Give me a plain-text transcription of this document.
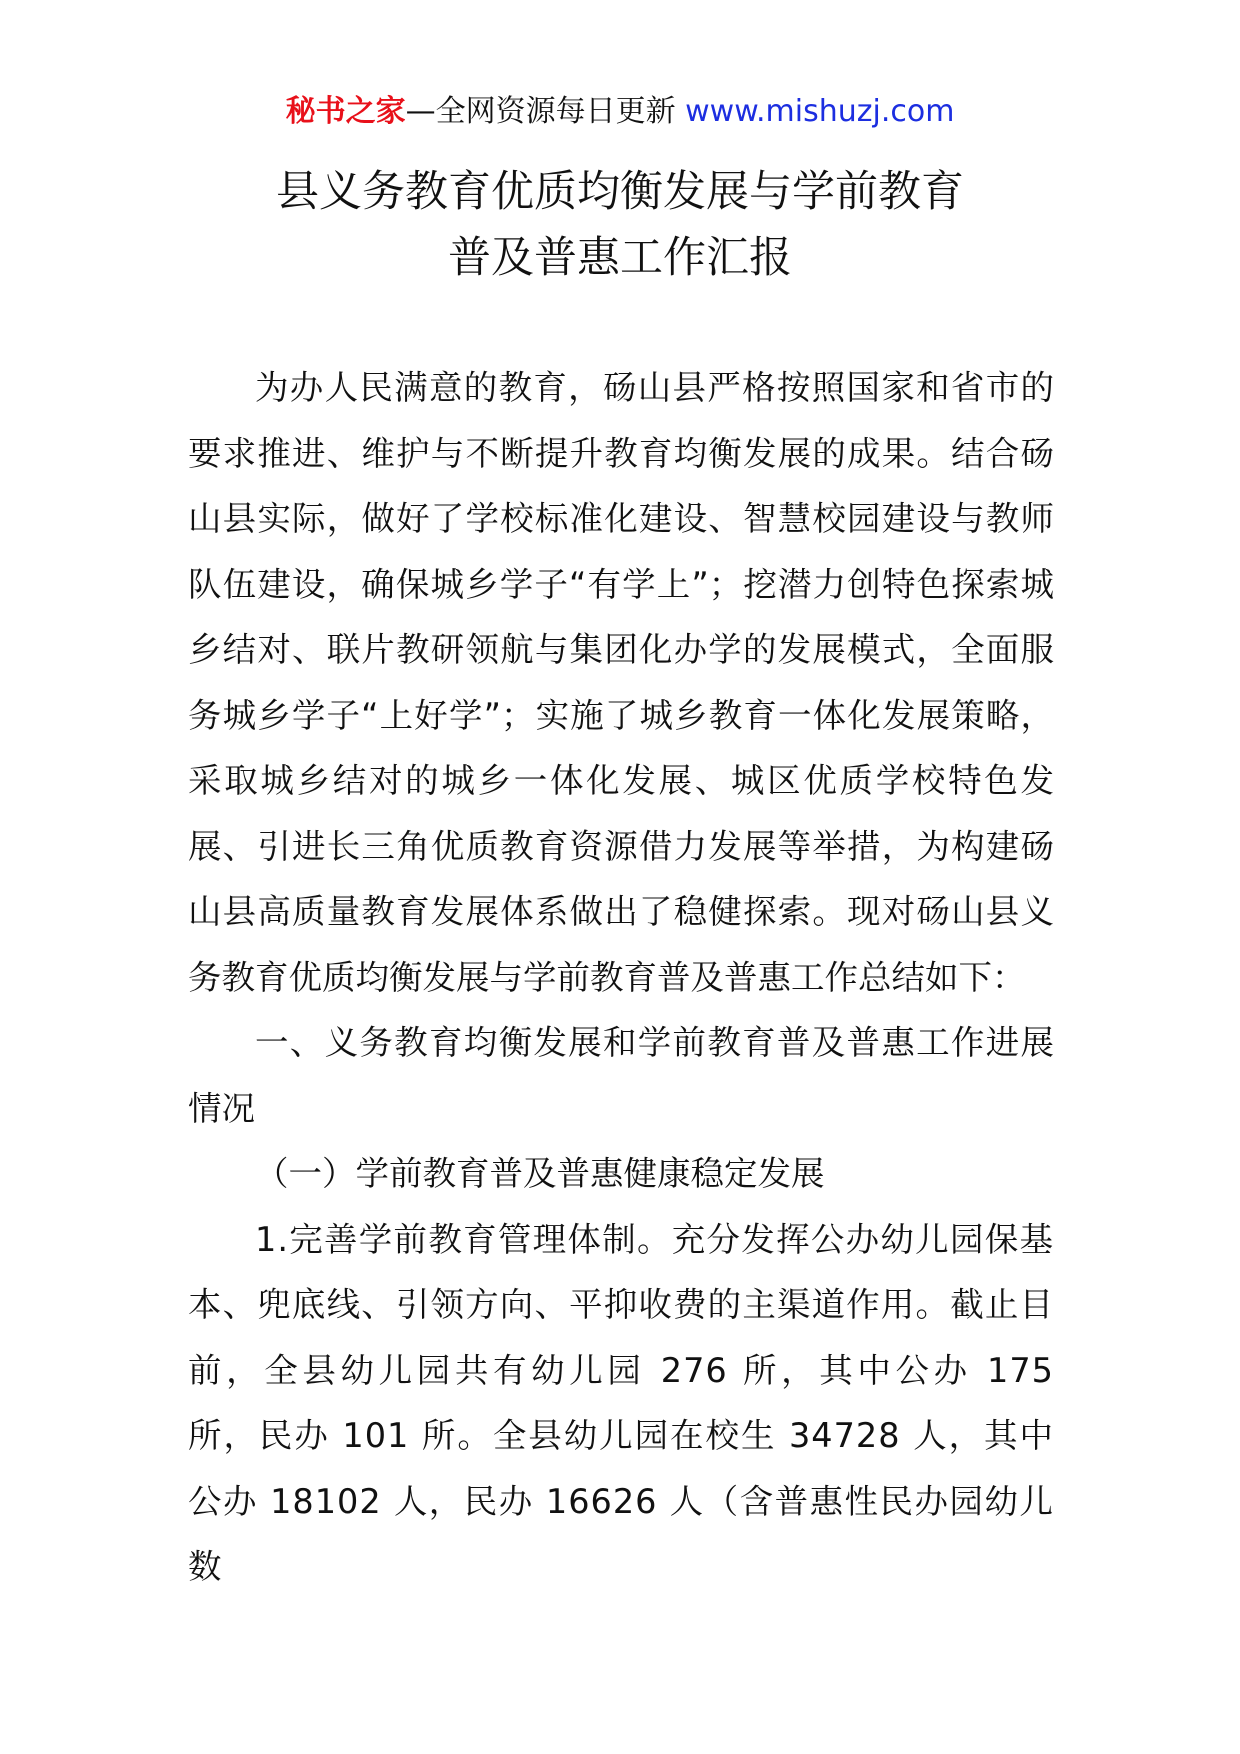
秘书之家—全网资源每日更新 www.mishuzj.com
县义务教育优质均衡发展与学前教育
普及普惠工作汇报

为办人民满意的教育，砀山县严格按照国家和省市的要求推进、维护与不断提升教育均衡发展的成果。结合砀山县实际，做好了学校标准化建设、智慧校园建设与教师队伍建设，确保城乡学子“有学上”；挖潜力创特色探索城乡结对、联片教研领航与集团化办学的发展模式，全面服务城乡学子“上好学”；实施了城乡教育一体化发展策略，采取城乡结对的城乡一体化发展、城区优质学校特色发展、引进长三角优质教育资源借力发展等举措，为构建砀山县高质量教育发展体系做出了稳健探索。现对砀山县义务教育优质均衡发展与学前教育普及普惠工作总结如下：

一、义务教育均衡发展和学前教育普及普惠工作进展情况

（一）学前教育普及普惠健康稳定发展

1.完善学前教育管理体制。充分发挥公办幼儿园保基本、兜底线、引领方向、平抑收费的主渠道作用。截止目前，全县幼儿园共有幼儿园 276 所，其中公办 175 所，民办 101 所。全县幼儿园在校生 34728 人，其中公办 18102 人，民办 16626 人（含普惠性民办园幼儿数
